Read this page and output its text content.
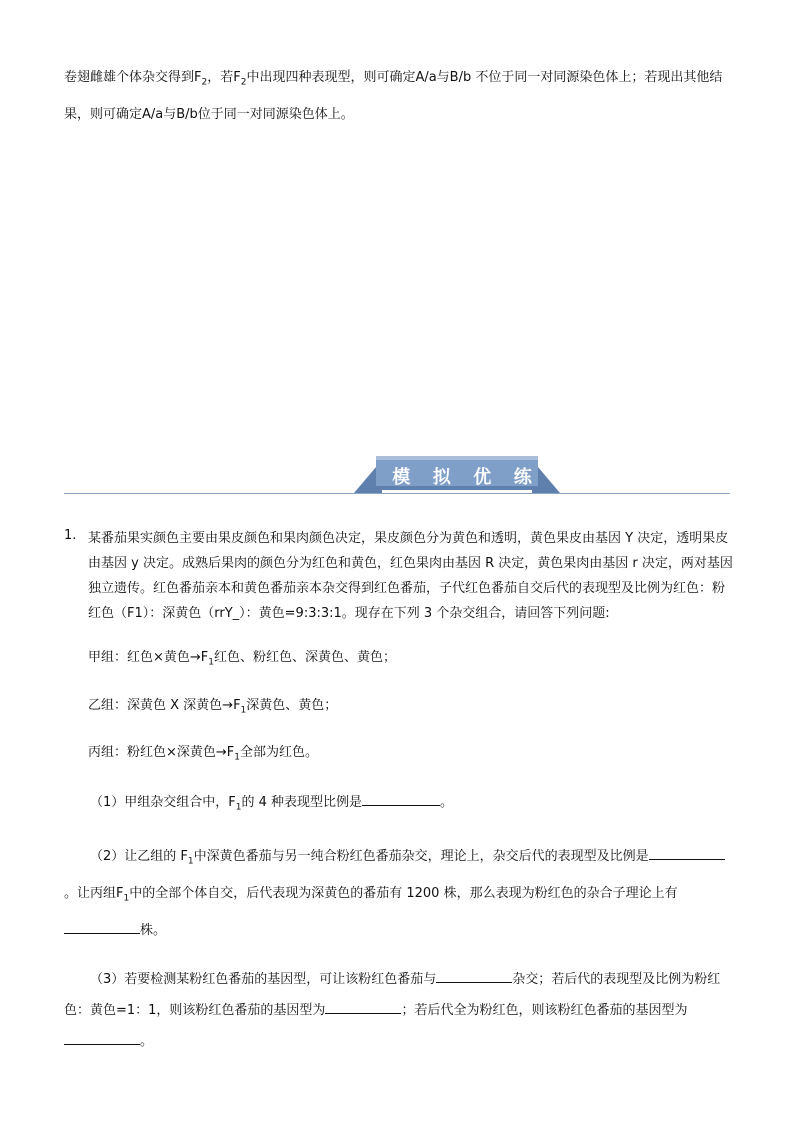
卷翅雌雄个体杂交得到$F_2$，若$F_2$中出现四种表现型，则可确定A/a与B/b 不位于同一对同源染色体上；若现出其他结果，则可确定A/a与B/b位于同一对同源染色体上。
模 拟 优 练
1. 某番茄果实颜色主要由果皮颜色和果肉颜色决定，果皮颜色分为黄色和透明，黄色果皮由基因 Y 决定，透明果皮由基因 y 决定。成熟后果肉的颜色分为红色和黄色，红色果肉由基因 R 决定，黄色果肉由基因 r 决定，两对基因独立遗传。红色番茄亲本和黄色番茄亲本杂交得到红色番茄，子代红色番茄自交后代的表现型及比例为红色：粉红色（F1）：深黄色（rrY_）：黄色=9:3:3:1。现存在下列 3 个杂交组合，请回答下列问题:
甲组：红色×黄色$\to F_1$红色、粉红色、深黄色、黄色；
乙组：深黄色 X 深黄色$\to F_1$深黄色、黄色；
丙组：粉红色×深黄色$\to F_1$全部为红色。
（1）甲组杂交组合中，$F_1$的 4 种表现型比例是	。
（2）让乙组的 $F_1$中深黄色番茄与另一纯合粉红色番茄杂交，理论上，杂交后代的表现型及比例是。让丙组$F_1$中的全部个体自交，后代表现为深黄色的番茄有 1200 株，那么表现为粉红色的杂合子理论上有株。
（3）若要检测某粉红色番茄的基因型，可让该粉红色番茄与	杂交；若后代的表现型及比例为粉红色：黄色=1：1，则该粉红色番茄的基因型为	；若后代全为粉红色，则该粉红色番茄的基因型为。
